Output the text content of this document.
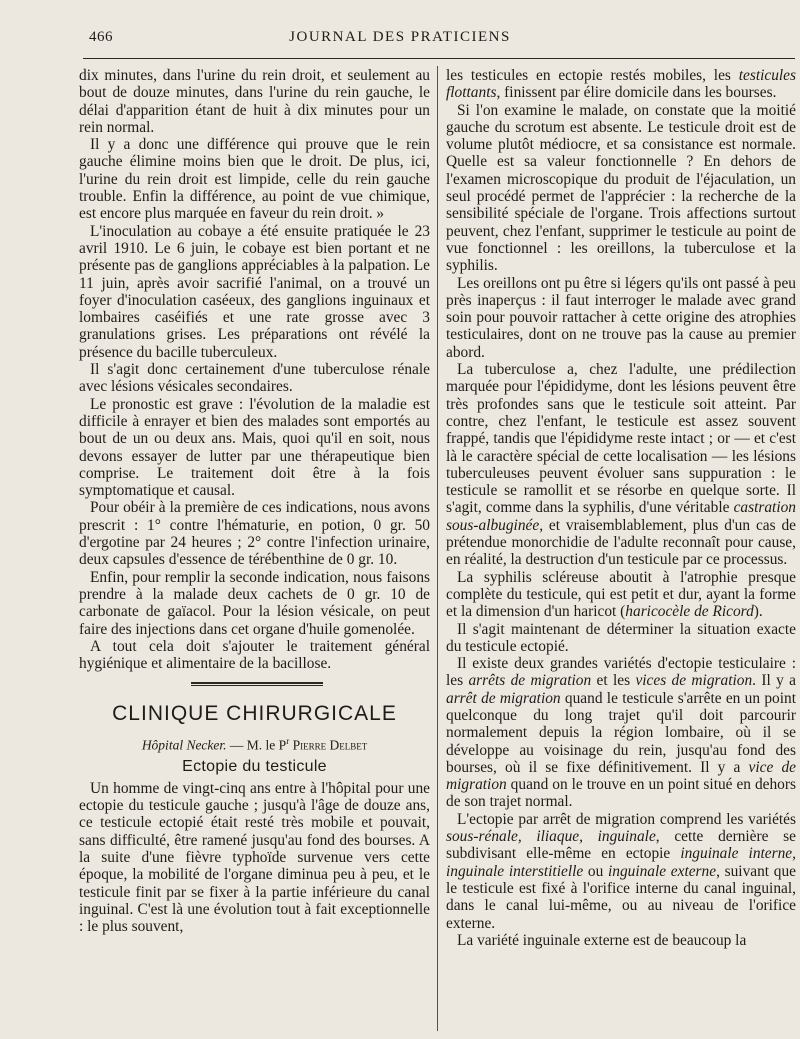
466	JOURNAL DES PRATICIENS

dix minutes, dans l'urine du rein droit, et seulement au bout de douze minutes, dans l'urine du rein gauche, le délai d'apparition étant de huit à dix minutes pour un rein normal.

Il y a donc une différence qui prouve que le rein gauche élimine moins bien que le droit. De plus, ici, l'urine du rein droit est limpide, celle du rein gauche trouble. Enfin la différence, au point de vue chimique, est encore plus marquée en faveur du rein droit. »

L'inoculation au cobaye a été ensuite pratiquée le 23 avril 1910. Le 6 juin, le cobaye est bien portant et ne présente pas de ganglions appréciables à la palpation. Le 11 juin, après avoir sacrifié l'animal, on a trouvé un foyer d'inoculation caséeux, des ganglions inguinaux et lombaires caséifiés et une rate grosse avec 3 granulations grises. Les préparations ont révélé la présence du bacille tuberculeux.

Il s'agit donc certainement d'une tuberculose rénale avec lésions vésicales secondaires.

Le pronostic est grave : l'évolution de la maladie est difficile à enrayer et bien des malades sont emportés au bout de un ou deux ans. Mais, quoi qu'il en soit, nous devons essayer de lutter par une thérapeutique bien comprise. Le traitement doit être à la fois symptomatique et causal.

Pour obéir à la première de ces indications, nous avons prescrit : 1° contre l'hématurie, en potion, 0 gr. 50 d'ergotine par 24 heures ; 2° contre l'infection urinaire, deux capsules d'essence de térébenthine de 0 gr. 10.

Enfin, pour remplir la seconde indication, nous faisons prendre à la malade deux cachets de 0 gr. 10 de carbonate de gaïacol. Pour la lésion vésicale, on peut faire des injections dans cet organe d'huile gomenolée.

A tout cela doit s'ajouter le traitement général hygiénique et alimentaire de la bacillose.

CLINIQUE CHIRURGICALE
Hôpital Necker. — M. le $P^r$ Pierre Delbet
Ectopie du testicule

Un homme de vingt-cinq ans entre à l'hôpital pour une ectopie du testicule gauche ; jusqu'à l'âge de douze ans, ce testicule ectopié était resté très mobile et pouvait, sans difficulté, être ramené jusqu'au fond des bourses. A la suite d'une fièvre typhoïde survenue vers cette époque, la mobilité de l'organe diminua peu à peu, et le testicule finit par se fixer à la partie inférieure du canal inguinal. C'est là une évolution tout à fait exceptionnelle : le plus souvent,

les testicules en ectopie restés mobiles, les testicules flottants, finissent par élire domicile dans les bourses.

Si l'on examine le malade, on constate que la moitié gauche du scrotum est absente. Le testicule droit est de volume plutôt médiocre, et sa consistance est normale. Quelle est sa valeur fonctionnelle ? En dehors de l'examen microscopique du produit de l'éjaculation, un seul procédé permet de l'apprécier : la recherche de la sensibilité spéciale de l'organe. Trois affections surtout peuvent, chez l'enfant, supprimer le testicule au point de vue fonctionnel : les oreillons, la tuberculose et la syphilis.

Les oreillons ont pu être si légers qu'ils ont passé à peu près inaperçus : il faut interroger le malade avec grand soin pour pouvoir rattacher à cette origine des atrophies testiculaires, dont on ne trouve pas la cause au premier abord.

La tuberculose a, chez l'adulte, une prédilection marquée pour l'épididyme, dont les lésions peuvent être très profondes sans que le testicule soit atteint. Par contre, chez l'enfant, le testicule est assez souvent frappé, tandis que l'épididyme reste intact ; or — et c'est là le caractère spécial de cette localisation — les lésions tuberculeuses peuvent évoluer sans suppuration : le testicule se ramollit et se résorbe en quelque sorte. Il s'agit, comme dans la syphilis, d'une véritable castration sous-albuginée, et vraisemblablement, plus d'un cas de prétendue monorchidie de l'adulte reconnaît pour cause, en réalité, la destruction d'un testicule par ce processus.

La syphilis scléreuse aboutit à l'atrophie presque complète du testicule, qui est petit et dur, ayant la forme et la dimension d'un haricot (haricocèle de Ricord).

Il s'agit maintenant de déterminer la situation exacte du testicule ectopié.

Il existe deux grandes variétés d'ectopie testiculaire : les arrêts de migration et les vices de migration. Il y a arrêt de migration quand le testicule s'arrête en un point quelconque du long trajet qu'il doit parcourir normalement depuis la région lombaire, où il se développe au voisinage du rein, jusqu'au fond des bourses, où il se fixe définitivement. Il y a vice de migration quand on le trouve en un point situé en dehors de son trajet normal.

L'ectopie par arrêt de migration comprend les variétés sous-rénale, iliaque, inguinale, cette dernière se subdivisant elle-même en ectopie inguinale interne, inguinale interstitielle ou inguinale externe, suivant que le testicule est fixé à l'orifice interne du canal inguinal, dans le canal lui-même, ou au niveau de l'orifice externe.

La variété inguinale externe est de beaucoup la
